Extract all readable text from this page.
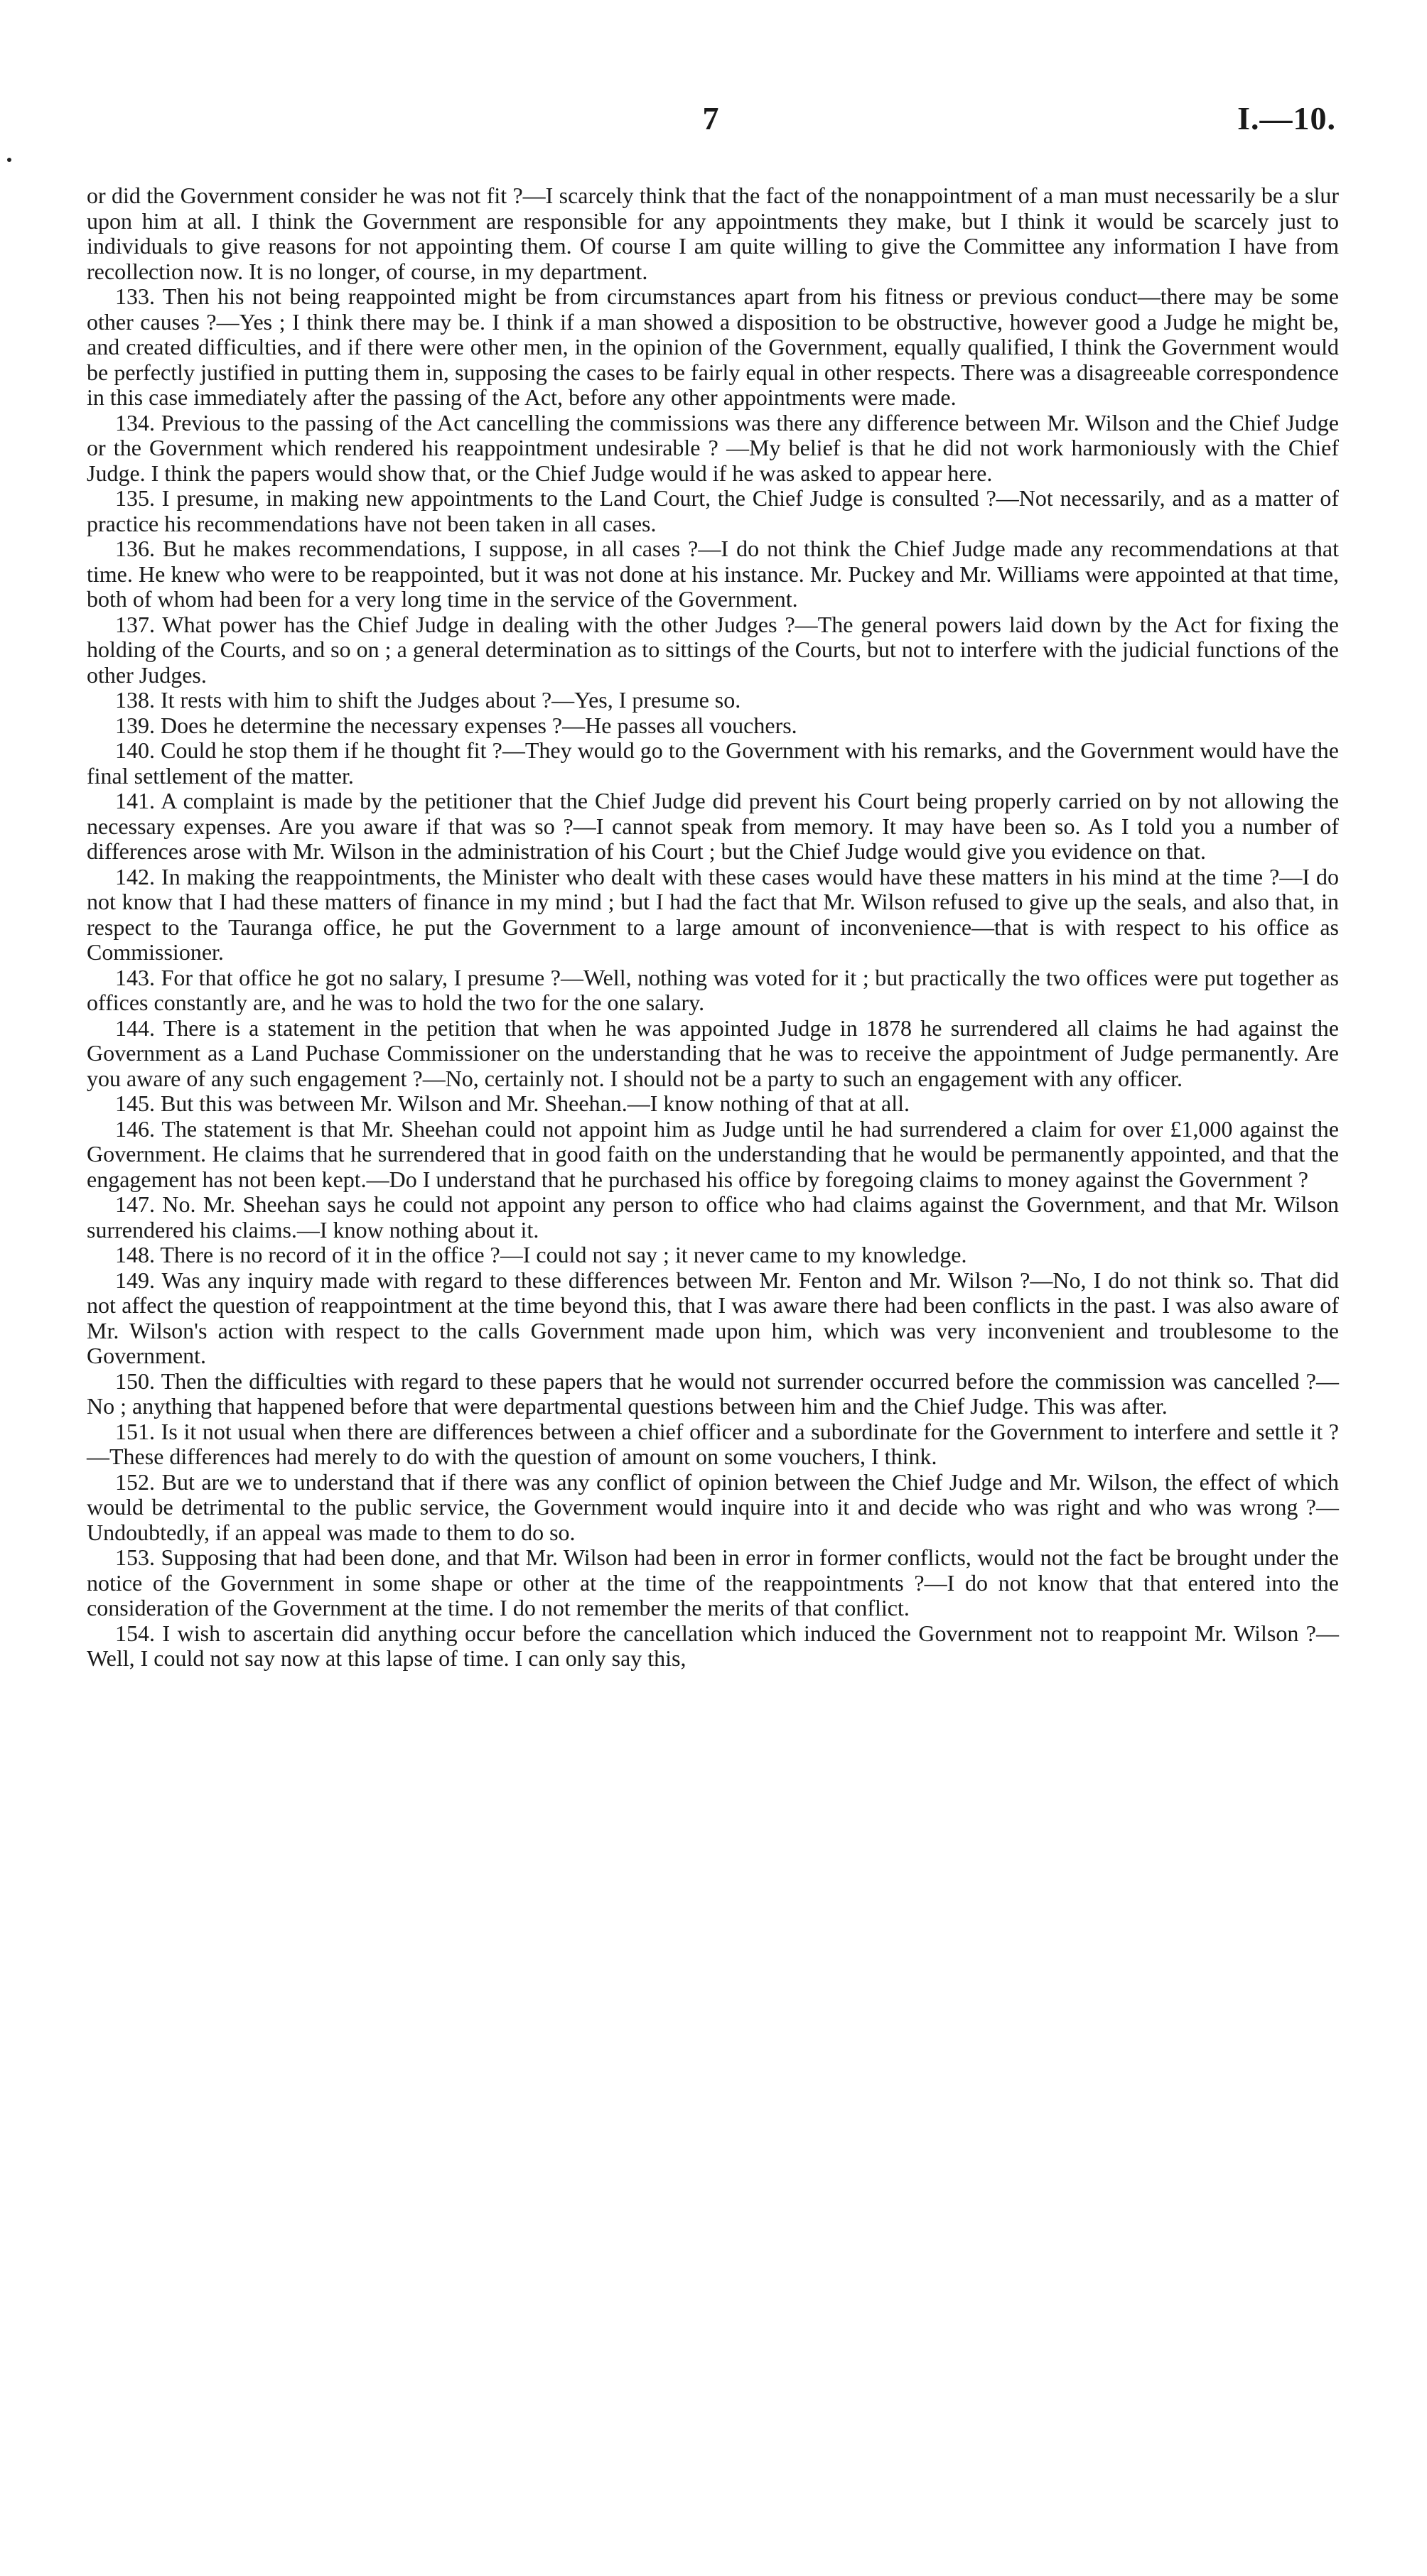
7	I.—10.

or did the Government consider he was not fit ?—I scarcely think that the fact of the nonappointment of a man must necessarily be a slur upon him at all. I think the Government are responsible for any appointments they make, but I think it would be scarcely just to individuals to give reasons for not appointing them. Of course I am quite willing to give the Committee any information I have from recollection now. It is no longer, of course, in my department.

133. Then his not being reappointed might be from circumstances apart from his fitness or previous conduct—there may be some other causes ?—Yes ; I think there may be. I think if a man showed a disposition to be obstructive, however good a Judge he might be, and created difficulties, and if there were other men, in the opinion of the Government, equally qualified, I think the Government would be perfectly justified in putting them in, supposing the cases to be fairly equal in other respects. There was a disagreeable correspondence in this case immediately after the passing of the Act, before any other appointments were made.

134. Previous to the passing of the Act cancelling the commissions was there any difference between Mr. Wilson and the Chief Judge or the Government which rendered his reappointment undesirable ? —My belief is that he did not work harmoniously with the Chief Judge. I think the papers would show that, or the Chief Judge would if he was asked to appear here.

135. I presume, in making new appointments to the Land Court, the Chief Judge is consulted ?—Not necessarily, and as a matter of practice his recommendations have not been taken in all cases.

136. But he makes recommendations, I suppose, in all cases ?—I do not think the Chief Judge made any recommendations at that time. He knew who were to be reappointed, but it was not done at his instance. Mr. Puckey and Mr. Williams were appointed at that time, both of whom had been for a very long time in the service of the Government.

137. What power has the Chief Judge in dealing with the other Judges ?—The general powers laid down by the Act for fixing the holding of the Courts, and so on ; a general determination as to sittings of the Courts, but not to interfere with the judicial functions of the other Judges.

138. It rests with him to shift the Judges about ?—Yes, I presume so.

139. Does he determine the necessary expenses ?—He passes all vouchers.

140. Could he stop them if he thought fit ?—They would go to the Government with his remarks, and the Government would have the final settlement of the matter.

141. A complaint is made by the petitioner that the Chief Judge did prevent his Court being properly carried on by not allowing the necessary expenses. Are you aware if that was so ?—I cannot speak from memory. It may have been so. As I told you a number of differences arose with Mr. Wilson in the administration of his Court ; but the Chief Judge would give you evidence on that.

142. In making the reappointments, the Minister who dealt with these cases would have these matters in his mind at the time ?—I do not know that I had these matters of finance in my mind ; but I had the fact that Mr. Wilson refused to give up the seals, and also that, in respect to the Tauranga office, he put the Government to a large amount of inconvenience—that is with respect to his office as Commissioner.

143. For that office he got no salary, I presume ?—Well, nothing was voted for it ; but practically the two offices were put together as offices constantly are, and he was to hold the two for the one salary.

144. There is a statement in the petition that when he was appointed Judge in 1878 he surrendered all claims he had against the Government as a Land Puchase Commissioner on the understanding that he was to receive the appointment of Judge permanently. Are you aware of any such engagement ?—No, certainly not. I should not be a party to such an engagement with any officer.

145. But this was between Mr. Wilson and Mr. Sheehan.—I know nothing of that at all.

146. The statement is that Mr. Sheehan could not appoint him as Judge until he had surrendered a claim for over £1,000 against the Government. He claims that he surrendered that in good faith on the understanding that he would be permanently appointed, and that the engagement has not been kept.—Do I understand that he purchased his office by foregoing claims to money against the Government ?

147. No. Mr. Sheehan says he could not appoint any person to office who had claims against the Government, and that Mr. Wilson surrendered his claims.—I know nothing about it.

148. There is no record of it in the office ?—I could not say ; it never came to my knowledge.

149. Was any inquiry made with regard to these differences between Mr. Fenton and Mr. Wilson ?—No, I do not think so. That did not affect the question of reappointment at the time beyond this, that I was aware there had been conflicts in the past. I was also aware of Mr. Wilson's action with respect to the calls Government made upon him, which was very inconvenient and troublesome to the Government.

150. Then the difficulties with regard to these papers that he would not surrender occurred before the commission was cancelled ?—No ; anything that happened before that were departmental questions between him and the Chief Judge. This was after.

151. Is it not usual when there are differences between a chief officer and a subordinate for the Government to interfere and settle it ?—These differences had merely to do with the question of amount on some vouchers, I think.

152. But are we to understand that if there was any conflict of opinion between the Chief Judge and Mr. Wilson, the effect of which would be detrimental to the public service, the Government would inquire into it and decide who was right and who was wrong ?—Undoubtedly, if an appeal was made to them to do so.

153. Supposing that had been done, and that Mr. Wilson had been in error in former conflicts, would not the fact be brought under the notice of the Government in some shape or other at the time of the reappointments ?—I do not know that that entered into the consideration of the Government at the time. I do not remember the merits of that conflict.

154. I wish to ascertain did anything occur before the cancellation which induced the Government not to reappoint Mr. Wilson ?—Well, I could not say now at this lapse of time. I can only say this,
